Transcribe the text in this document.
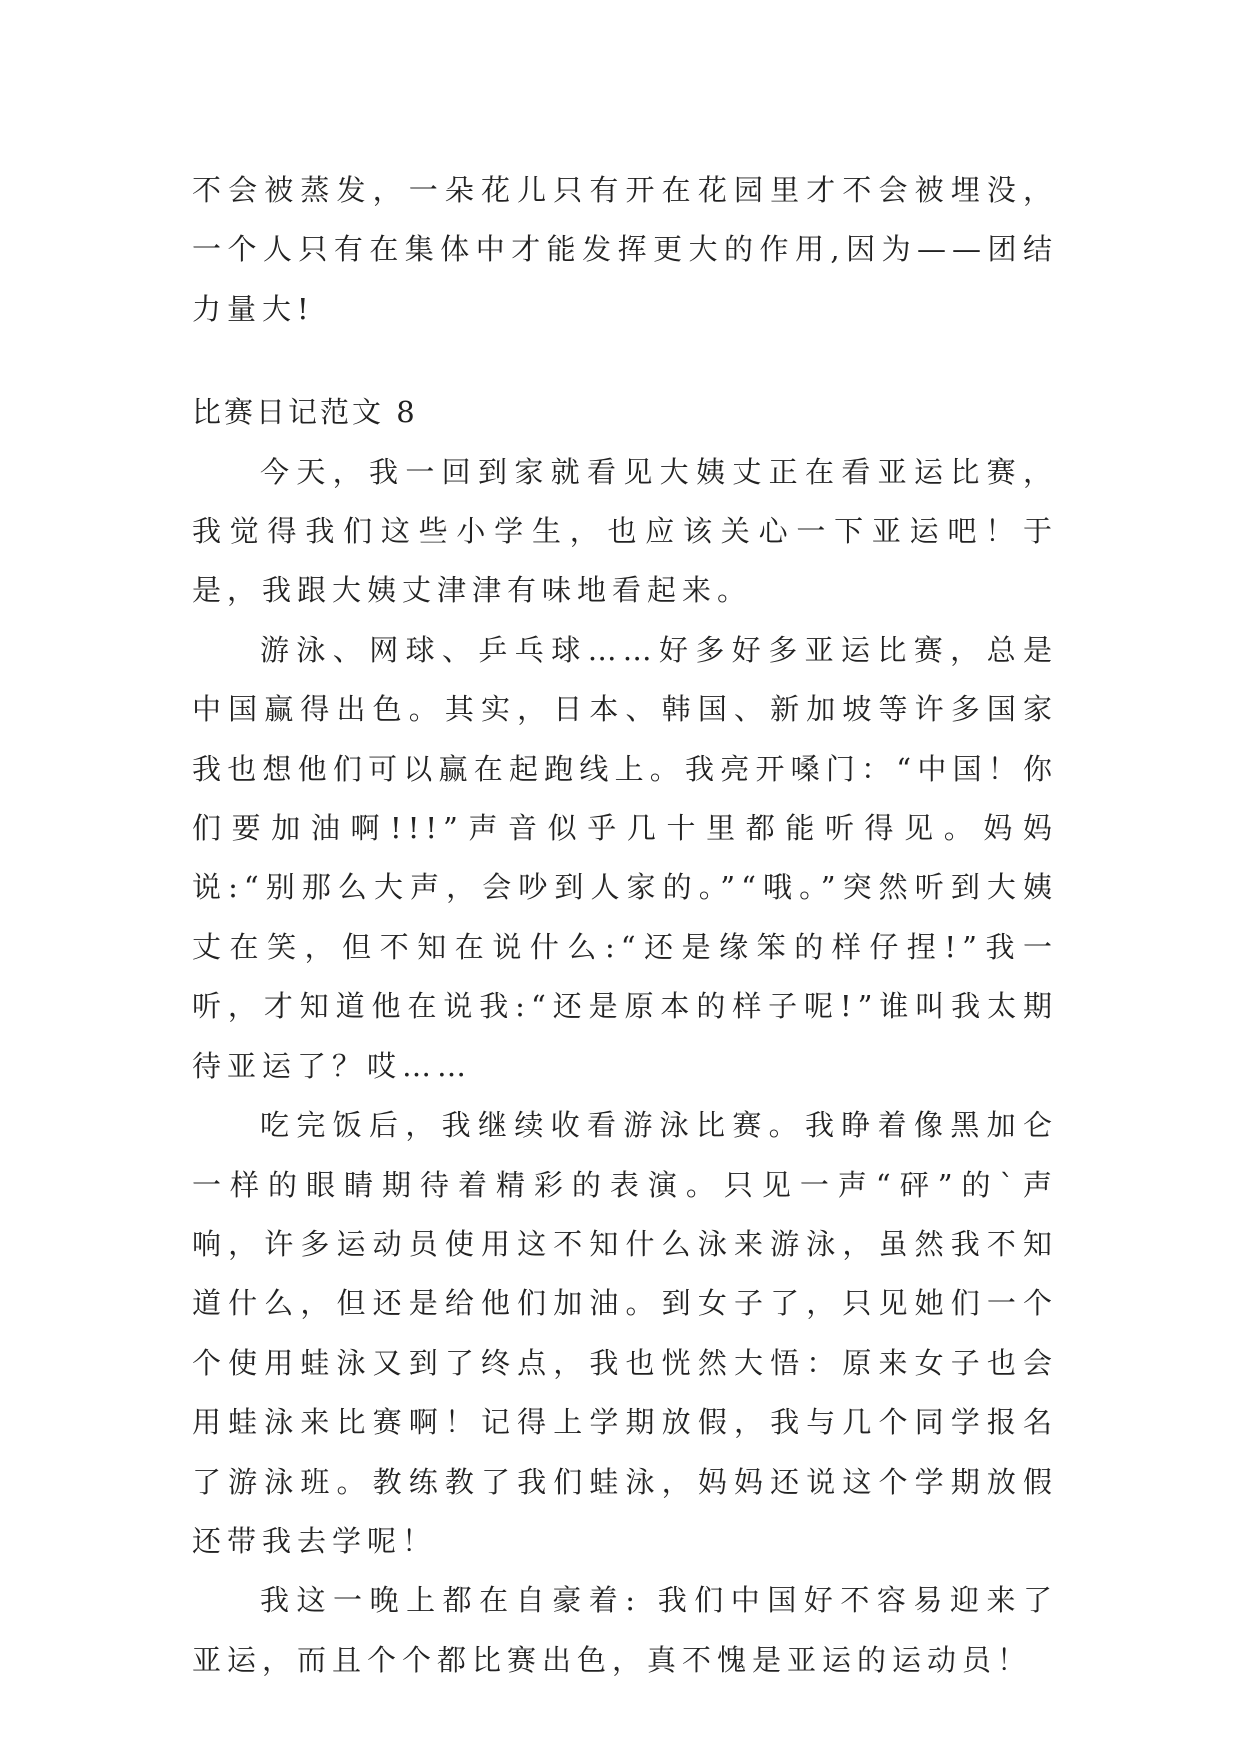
不会被蒸发，一朵花儿只有开在花园里才不会被埋没，一个人只有在集体中才能发挥更大的作用,因为——团结力量大!

比赛日记范文 8

今天，我一回到家就看见大姨丈正在看亚运比赛，我觉得我们这些小学生，也应该关心一下亚运吧！于是，我跟大姨丈津津有味地看起来。

游泳、网球、乒乓球……好多好多亚运比赛，总是中国赢得出色。其实，日本、韩国、新加坡等许多国家我也想他们可以赢在起跑线上。我亮开嗓门：“中国！你们要加油啊!!!”声音似乎几十里都能听得见。妈妈说:“别那么大声，会吵到人家的。”“哦。”突然听到大姨丈在笑，但不知在说什么:“还是缘笨的样仔捏!”我一听，才知道他在说我:“还是原本的样子呢!”谁叫我太期待亚运了？哎……

吃完饭后，我继续收看游泳比赛。我睁着像黑加仑一样的眼睛期待着精彩的表演。只见一声“砰”的`声响，许多运动员使用这不知什么泳来游泳，虽然我不知道什么，但还是给他们加油。到女子了，只见她们一个个使用蛙泳又到了终点，我也恍然大悟：原来女子也会用蛙泳来比赛啊！记得上学期放假，我与几个同学报名了游泳班。教练教了我们蛙泳，妈妈还说这个学期放假还带我去学呢！

我这一晚上都在自豪着: 我们中国好不容易迎来了亚运，而且个个都比赛出色，真不愧是亚运的运动员！
